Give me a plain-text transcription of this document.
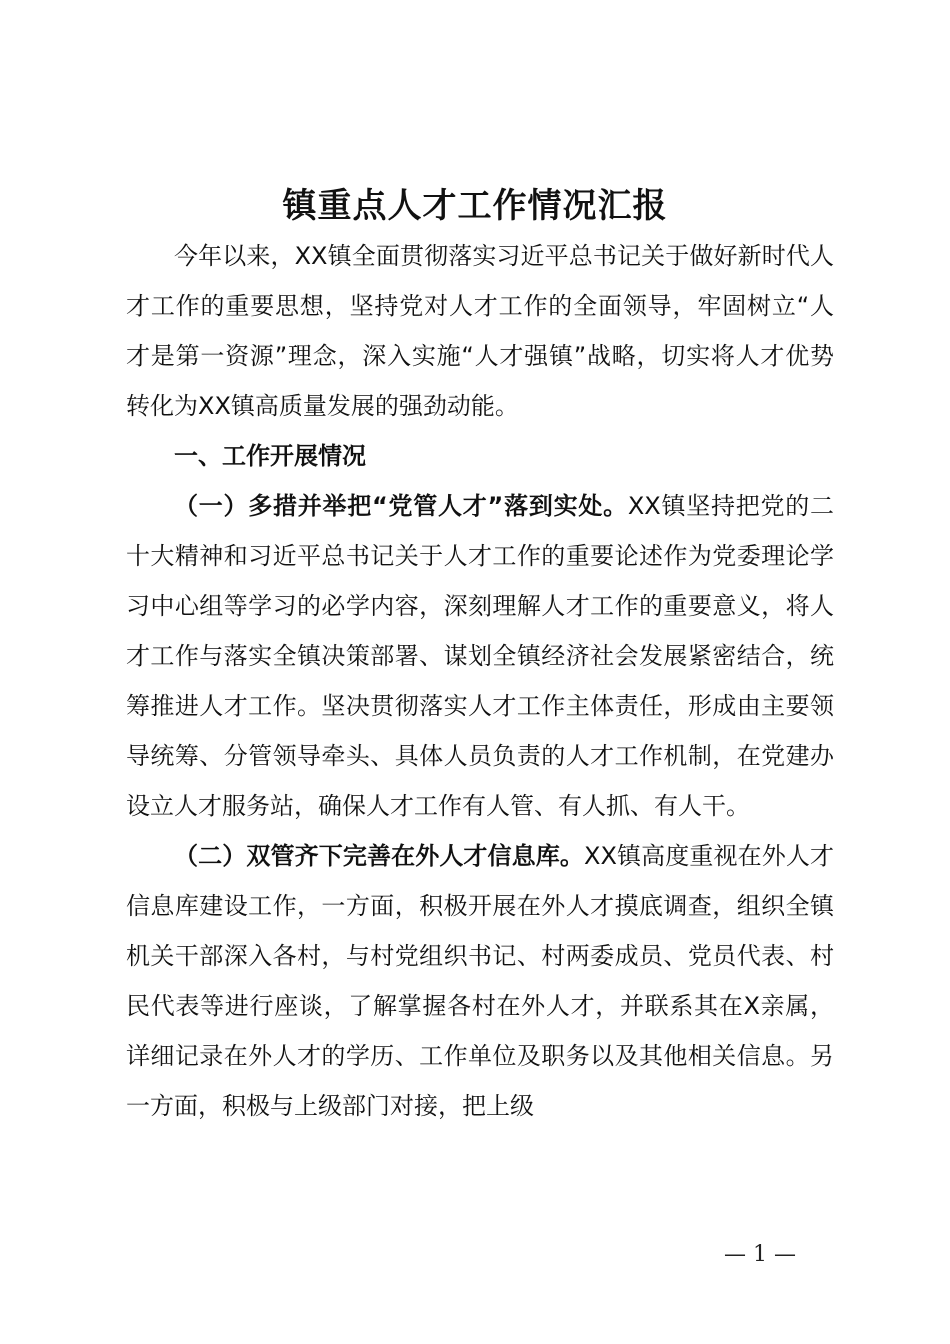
镇重点人才工作情况汇报

今年以来，XX镇全面贯彻落实习近平总书记关于做好新时代人才工作的重要思想，坚持党对人才工作的全面领导，牢固树立“人才是第一资源”理念，深入实施“人才强镇”战略，切实将人才优势转化为XX镇高质量发展的强劲动能。

一、工作开展情况

（一）多措并举把“党管人才”落到实处。XX镇坚持把党的二十大精神和习近平总书记关于人才工作的重要论述作为党委理论学习中心组等学习的必学内容，深刻理解人才工作的重要意义，将人才工作与落实全镇决策部署、谋划全镇经济社会发展紧密结合，统筹推进人才工作。坚决贯彻落实人才工作主体责任，形成由主要领导统筹、分管领导牵头、具体人员负责的人才工作机制，在党建办设立人才服务站，确保人才工作有人管、有人抓、有人干。

（二）双管齐下完善在外人才信息库。XX镇高度重视在外人才信息库建设工作，一方面，积极开展在外人才摸底调查，组织全镇机关干部深入各村，与村党组织书记、村两委成员、党员代表、村民代表等进行座谈，了解掌握各村在外人才，并联系其在X亲属，详细记录在外人才的学历、工作单位及职务以及其他相关信息。另一方面，积极与上级部门对接，把上级

— 1 —
